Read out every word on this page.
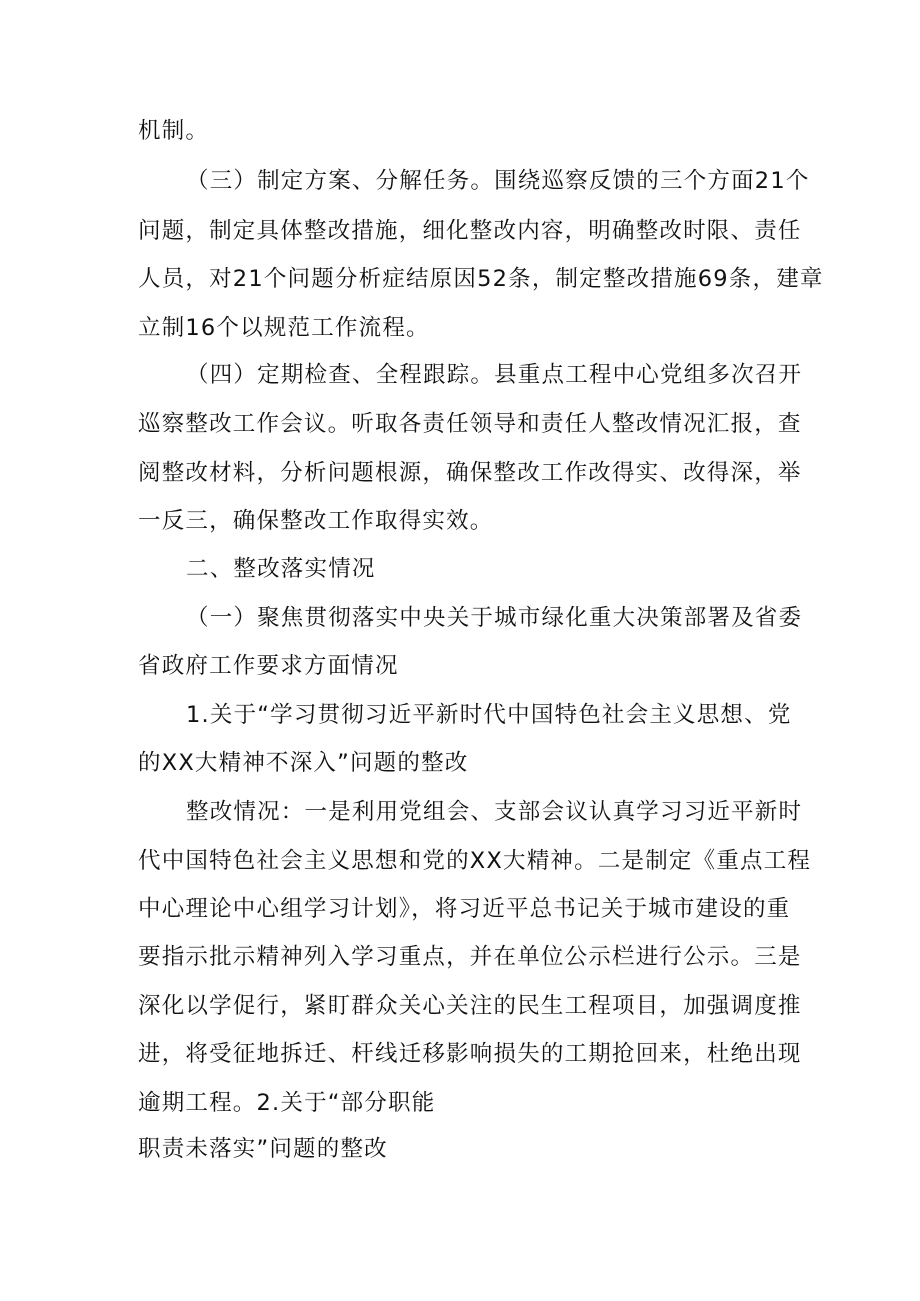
机制。
（三）制定方案、分解任务。围绕巡察反馈的三个方面21个
问题，制定具体整改措施，细化整改内容，明确整改时限、责任
人员，对21个问题分析症结原因52条，制定整改措施69条，建章
立制16个以规范工作流程。
（四）定期检查、全程跟踪。县重点工程中心党组多次召开
巡察整改工作会议。听取各责任领导和责任人整改情况汇报，查
阅整改材料，分析问题根源，确保整改工作改得实、改得深，举
一反三，确保整改工作取得实效。
二、整改落实情况
（一）聚焦贯彻落实中央关于城市绿化重大决策部署及省委
省政府工作要求方面情况
1.关于“学习贯彻习近平新时代中国特色社会主义思想、党
的XX大精神不深入”问题的整改
整改情况：一是利用党组会、支部会议认真学习习近平新时
代中国特色社会主义思想和党的XX大精神。二是制定《重点工程
中心理论中心组学习计划》，将习近平总书记关于城市建设的重
要指示批示精神列入学习重点，并在单位公示栏进行公示。三是
深化以学促行，紧盯群众关心关注的民生工程项目，加强调度推
进，将受征地拆迁、杆线迁移影响损失的工期抢回来，杜绝出现
逾期工程。2.关于“部分职能
职责未落实”问题的整改
